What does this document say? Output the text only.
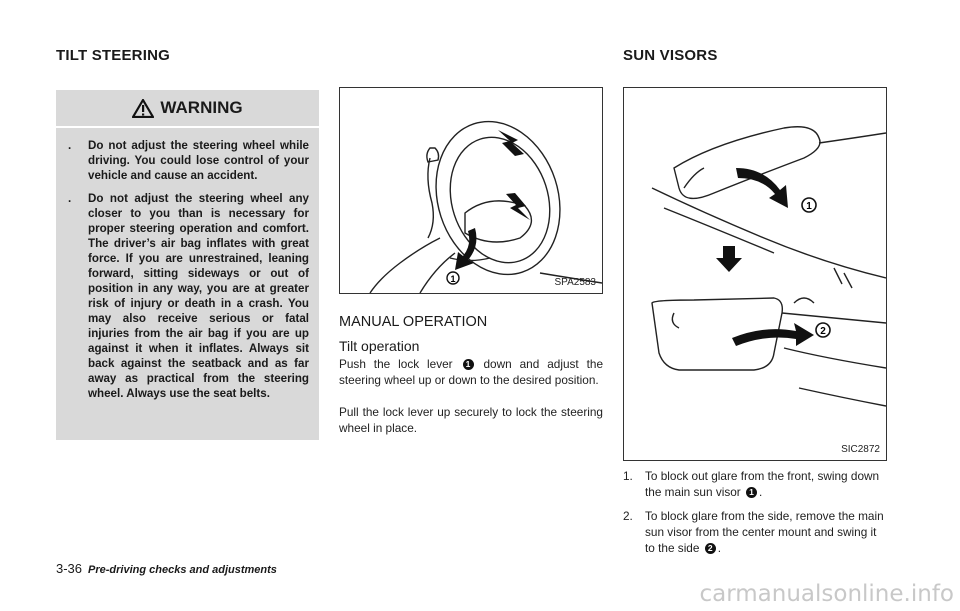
TILT STEERING	SUN VISORS
WARNING
. Do not adjust the steering wheel while driving. You could lose control of your vehicle and cause an accident.
. Do not adjust the steering wheel any closer to you than is necessary for proper steering operation and comfort. The driver’s air bag inflates with great force. If you are unrestrained, leaning forward, sitting sideways or out of position in any way, you are at greater risk of injury or death in a crash. You may also receive serious or fatal injuries from the air bag if you are up against it when it inflates. Always sit back against the seatback and as far away as practical from the steering wheel. Always use the seat belts.
1	SPA2583
MANUAL OPERATION
Tilt operation
Push the lock lever 1 down and adjust the steering wheel up or down to the desired position.
Pull the lock lever up securely to lock the steering wheel in place.
1
2
SIC2872
1. To block out glare from the front, swing down the main sun visor 1 .
2. To block glare from the side, remove the main sun visor from the center mount and swing it to the side 2 .
3-36 Pre-driving checks and adjustments
carmanualsonline.info
